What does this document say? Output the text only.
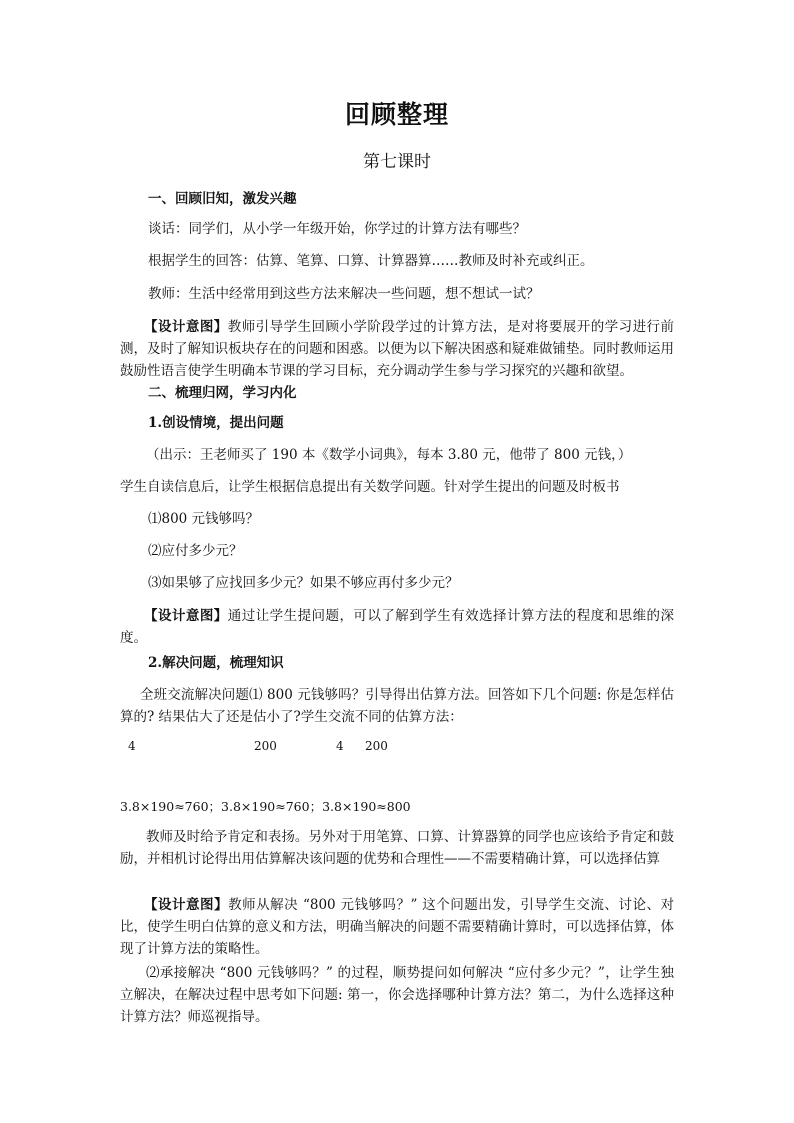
回顾整理
第七课时
一、回顾旧知，激发兴趣
谈话：同学们，从小学一年级开始，你学过的计算方法有哪些？
根据学生的回答：估算、笔算、口算、计算器算……教师及时补充或纠正。
教师：生活中经常用到这些方法来解决一些问题，想不想试一试？
【设计意图】教师引导学生回顾小学阶段学过的计算方法，是对将要展开的学习进行前测，及时了解知识板块存在的问题和困惑。以便为以下解决困惑和疑难做铺垫。同时教师运用鼓励性语言使学生明确本节课的学习目标，充分调动学生参与学习探究的兴趣和欲望。
二、梳理归网，学习内化
1.创设情境，提出问题
（出示：王老师买了 190 本《数学小词典》，每本 3.80 元，他带了 800 元钱，）
学生自读信息后，让学生根据信息提出有关数学问题。针对学生提出的问题及时板书
⑴800 元钱够吗？
⑵应付多少元？
⑶如果够了应找回多少元？如果不够应再付多少元？
【设计意图】通过让学生提问题，可以了解到学生有效选择计算方法的程度和思维的深度。
2.解决问题，梳理知识
全班交流解决问题⑴ 800 元钱够吗？引导得出估算方法。回答如下几个问题: 你是怎样估算的? 结果估大了还是估小了?学生交流不同的估算方法：
4	200	4 200
3.8×190≈760；3.8×190≈760；3.8×190≈800
教师及时给予肯定和表扬。另外对于用笔算、口算、计算器算的同学也应该给予肯定和鼓励，并相机讨论得出用估算解决该问题的优势和合理性——不需要精确计算，可以选择估算
【设计意图】教师从解决 “800 元钱够吗？” 这个问题出发，引导学生交流、讨论、对比，使学生明白估算的意义和方法，明确当解决的问题不需要精确计算时，可以选择估算，体现了计算方法的策略性。
⑵承接解决 “800 元钱够吗？” 的过程，顺势提问如何解决 “应付多少元？”，让学生独立解决，在解决过程中思考如下问题: 第一，你会选择哪种计算方法？第二，为什么选择这种计算方法？师巡视指导。
